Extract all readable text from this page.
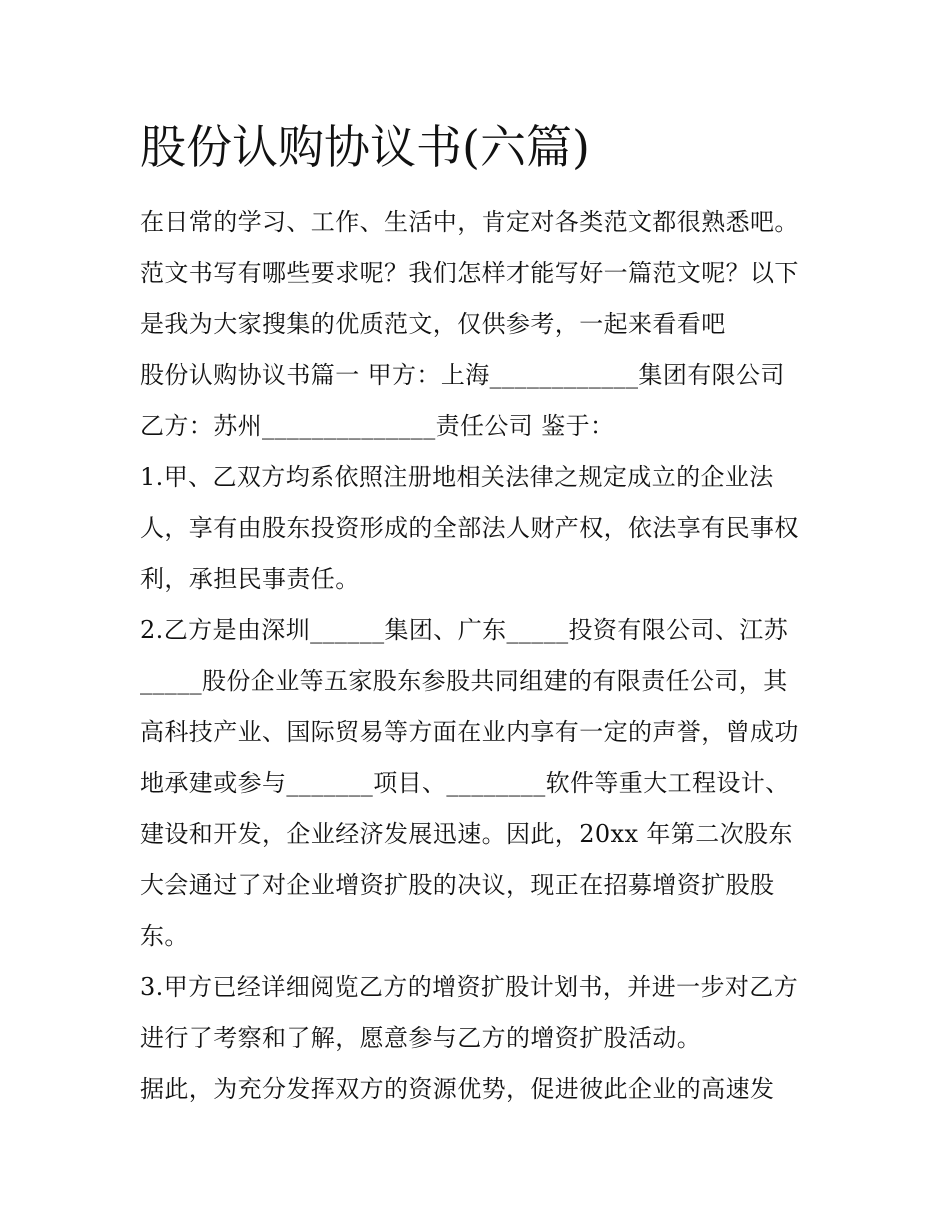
股份认购协议书(六篇)
在日常的学习、工作、生活中，肯定对各类范文都很熟悉吧。
范文书写有哪些要求呢？我们怎样才能写好一篇范文呢？以下
是我为大家搜集的优质范文，仅供参考，一起来看看吧
股份认购协议书篇一 甲方：上海____________集团有限公司
乙方：苏州______________责任公司 鉴于：
1.甲、乙双方均系依照注册地相关法律之规定成立的企业法
人，享有由股东投资形成的全部法人财产权，依法享有民事权
利，承担民事责任。
2.乙方是由深圳______集团、广东_____投资有限公司、江苏
_____股份企业等五家股东参股共同组建的有限责任公司，其
高科技产业、国际贸易等方面在业内享有一定的声誉，曾成功
地承建或参与_______项目、________软件等重大工程设计、
建设和开发，企业经济发展迅速。因此，20xx 年第二次股东
大会通过了对企业增资扩股的决议，现正在招募增资扩股股
东。
3.甲方已经详细阅览乙方的增资扩股计划书，并进一步对乙方
进行了考察和了解，愿意参与乙方的增资扩股活动。
据此，为充分发挥双方的资源优势，促进彼此企业的高速发
